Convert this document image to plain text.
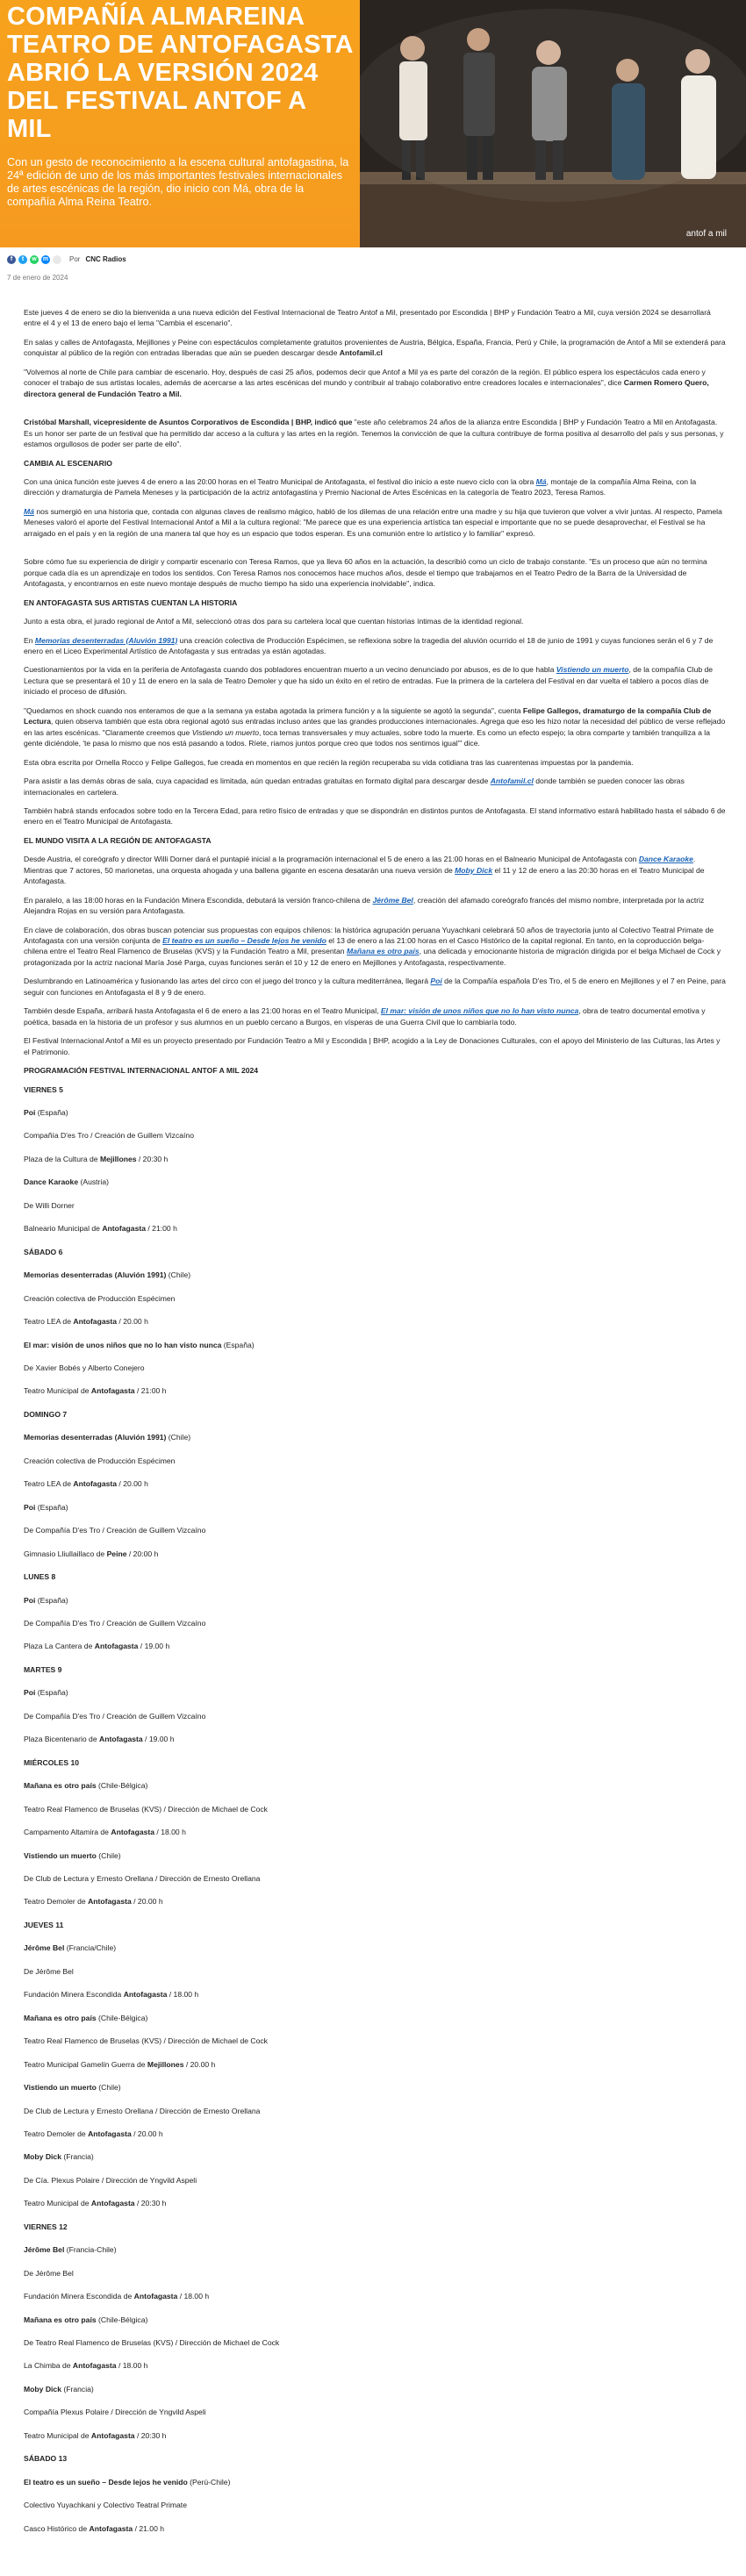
COMPAÑÍA ALMAREINA TEATRO DE ANTOFAGASTA ABRIÓ LA VERSIÓN 2024 DEL FESTIVAL ANTOF A MIL
Con un gesto de reconocimiento a la escena cultural antofagastina, la 24ª edición de uno de los más importantes festivales internacionales de artes escénicas de la región, dio inicio con Má, obra de la compañía Alma Reina Teatro.
antof a mil
f	t	w	m	Por CNC Radios
7 de enero de 2024

Este jueves 4 de enero se dio la bienvenida a una nueva edición del Festival Internacional de Teatro Antof a Mil, presentado por Escondida | BHP y Fundación Teatro a Mil, cuya versión 2024 se desarrollará entre el 4 y el 13 de enero bajo el lema "Cambia el escenario".

En salas y calles de Antofagasta, Mejillones y Peine con espectáculos completamente gratuitos provenientes de Austria, Bélgica, España, Francia, Perú y Chile, la programación de Antof a Mil se extenderá para conquistar al público de la región con entradas liberadas que aún se pueden descargar desde Antofamil.cl

"Volvemos al norte de Chile para cambiar de escenario. Hoy, después de casi 25 años, podemos decir que Antof a Mil ya es parte del corazón de la región. El público espera los espectáculos cada enero y conocer el trabajo de sus artistas locales, además de acercarse a las artes escénicas del mundo y contribuir al trabajo colaborativo entre creadores locales e internacionales", dice Carmen Romero Quero, directora general de Fundación Teatro a Mil.

Cristóbal Marshall, vicepresidente de Asuntos Corporativos de Escondida | BHP, indicó que "este año celebramos 24 años de la alianza entre Escondida | BHP y Fundación Teatro a Mil en Antofagasta. Es un honor ser parte de un festival que ha permitido dar acceso a la cultura y las artes en la región. Tenemos la convicción de que la cultura contribuye de forma positiva al desarrollo del país y sus personas, y estamos orgullosos de poder ser parte de ello".

CAMBIA AL ESCENARIO

Con una única función este jueves 4 de enero a las 20:00 horas en el Teatro Municipal de Antofagasta, el festival dio inicio a este nuevo ciclo con la obra Má, montaje de la compañía Alma Reina, con la dirección y dramaturgia de Pamela Meneses y la participación de la actriz antofagastina y Premio Nacional de Artes Escénicas en la categoría de Teatro 2023, Teresa Ramos.

Má nos sumergió en una historia que, contada con algunas claves de realismo mágico, habló de los dilemas de una relación entre una madre y su hija que tuvieron que volver a vivir juntas. Al respecto, Pamela Meneses valoró el aporte del Festival Internacional Antof a Mil a la cultura regional: "Me parece que es una experiencia artística tan especial e importante que no se puede desaprovechar, el Festival se ha arraigado en el país y en la región de una manera tal que hoy es un espacio que todos esperan. Es una comunión entre lo artístico y lo familiar" expresó.

Sobre cómo fue su experiencia de dirigir y compartir escenario con Teresa Ramos, que ya lleva 60 años en la actuación, la describió como un ciclo de trabajo constante. "Es un proceso que aún no termina porque cada día es un aprendizaje en todos los sentidos. Con Teresa Ramos nos conocemos hace muchos años, desde el tiempo que trabajamos en el Teatro Pedro de la Barra de la Universidad de Antofagasta, y encontrarnos en este nuevo montaje después de mucho tiempo ha sido una experiencia inolvidable", indica.

EN ANTOFAGASTA SUS ARTISTAS CUENTAN LA HISTORIA

Junto a esta obra, el jurado regional de Antof a Mil, seleccionó otras dos para su cartelera local que cuentan historias íntimas de la identidad regional.

En Memorias desenterradas (Aluvión 1991) una creación colectiva de Producción Espécimen, se reflexiona sobre la tragedia del aluvión ocurrido el 18 de junio de 1991 y cuyas funciones serán el 6 y 7 de enero en el Liceo Experimental Artístico de Antofagasta y sus entradas ya están agotadas.

Cuestionamientos por la vida en la periferia de Antofagasta cuando dos pobladores encuentran muerto a un vecino denunciado por abusos, es de lo que habla Vistiendo un muerto, de la compañía Club de Lectura que se presentará el 10 y 11 de enero en la sala de Teatro Demoler y que ha sido un éxito en el retiro de entradas. Fue la primera de la cartelera del Festival en dar vuelta el tablero a pocos días de iniciado el proceso de difusión.

"Quedamos en shock cuando nos enteramos de que a la semana ya estaba agotada la primera función y a la siguiente se agotó la segunda", cuenta Felipe Gallegos, dramaturgo de la compañía Club de Lectura, quien observa también que esta obra regional agotó sus entradas incluso antes que las grandes producciones internacionales. Agrega que eso les hizo notar la necesidad del público de verse reflejado en las artes escénicas. "Claramente creemos que Vistiendo un muerto, toca temas transversales y muy actuales, sobre todo la muerte. Es como un efecto espejo; la obra comparte y también tranquiliza a la gente diciéndole, 'te pasa lo mismo que nos está pasando a todos. Ríete, riamos juntos porque creo que todos nos sentimos igual'" dice.

Esta obra escrita por Ornella Rocco y Felipe Gallegos, fue creada en momentos en que recién la región recuperaba su vida cotidiana tras las cuarentenas impuestas por la pandemia.

Para asistir a las demás obras de sala, cuya capacidad es limitada, aún quedan entradas gratuitas en formato digital para descargar desde Antofamil.cl donde también se pueden conocer las obras internacionales en cartelera.

También habrá stands enfocados sobre todo en la Tercera Edad, para retiro físico de entradas y que se dispondrán en distintos puntos de Antofagasta. El stand informativo estará habilitado hasta el sábado 6 de enero en el Teatro Municipal de Antofagasta.

EL MUNDO VISITA A LA REGIÓN DE ANTOFAGASTA

Desde Austria, el coreógrafo y director Willi Dorner dará el puntapié inicial a la programación internacional el 5 de enero a las 21:00 horas en el Balneario Municipal de Antofagasta con Dance Karaoke. Mientras que 7 actores, 50 marionetas, una orquesta ahogada y una ballena gigante en escena desatarán una nueva versión de Moby Dick el 11 y 12 de enero a las 20:30 horas en el Teatro Municipal de Antofagasta.

En paralelo, a las 18:00 horas en la Fundación Minera Escondida, debutará la versión franco-chilena de Jérôme Bel, creación del afamado coreógrafo francés del mismo nombre, interpretada por la actriz Alejandra Rojas en su versión para Antofagasta.

En clave de colaboración, dos obras buscan potenciar sus propuestas con equipos chilenos: la histórica agrupación peruana Yuyachkani celebrará 50 años de trayectoria junto al Colectivo Teatral Primate de Antofagasta con una versión conjunta de El teatro es un sueño – Desde lejos he venido el 13 de enero a las 21:00 horas en el Casco Histórico de la capital regional. En tanto, en la coproducción belga-chilena entre el Teatro Real Flamenco de Bruselas (KVS) y la Fundación Teatro a Mil, presentan Mañana es otro país, una delicada y emocionante historia de migración dirigida por el belga Michael de Cock y protagonizada por la actriz nacional María José Parga, cuyas funciones serán el 10 y 12 de enero en Mejillones y Antofagasta, respectivamente.

Deslumbrando en Latinoamérica y fusionando las artes del circo con el juego del tronco y la cultura mediterránea, llegará Poi de la Compañía española D'es Tro, el 5 de enero en Mejillones y el 7 en Peine, para seguir con funciones en Antofagasta el 8 y 9 de enero.

También desde España, arribará hasta Antofagasta el 6 de enero a las 21:00 horas en el Teatro Municipal, El mar: visión de unos niños que no lo han visto nunca, obra de teatro documental emotiva y poética, basada en la historia de un profesor y sus alumnos en un pueblo cercano a Burgos, en vísperas de una Guerra Civil que lo cambiaría todo.

El Festival Internacional Antof a Mil es un proyecto presentado por Fundación Teatro a Mil y Escondida | BHP, acogido a la Ley de Donaciones Culturales, con el apoyo del Ministerio de las Culturas, las Artes y el Patrimonio.

PROGRAMACIÓN FESTIVAL INTERNACIONAL ANTOF A MIL 2024

VIERNES 5

Poi (España)

Compañía D'es Tro / Creación de Guillem Vizcaíno

Plaza de la Cultura de Mejillones / 20:30 h

Dance Karaoke (Austria)

De Willi Dorner

Balneario Municipal de Antofagasta / 21:00 h

SÁBADO 6

Memorias desenterradas (Aluvión 1991) (Chile)

Creación colectiva de Producción Espécimen

Teatro LEA de Antofagasta / 20.00 h

El mar: visión de unos niños que no lo han visto nunca (España)

De Xavier Bobés y Alberto Conejero

Teatro Municipal de Antofagasta / 21:00 h

DOMINGO 7

Memorias desenterradas (Aluvión 1991) (Chile)

Creación colectiva de Producción Espécimen

Teatro LEA de Antofagasta / 20.00 h

Poi (España)

De Compañía D'es Tro / Creación de Guillem Vizcaíno

Gimnasio Lliullaillaco de Peine / 20:00 h

LUNES 8

Poi (España)

De Compañía D'es Tro / Creación de Guillem Vizcaíno

Plaza La Cantera de Antofagasta / 19.00 h

MARTES 9

Poi (España)

De Compañía D'es Tro / Creación de Guillem Vizcaíno

Plaza Bicentenario de Antofagasta / 19.00 h

MIÉRCOLES 10

Mañana es otro país (Chile-Bélgica)

Teatro Real Flamenco de Bruselas (KVS) / Dirección de Michael de Cock

Campamento Altamira de Antofagasta / 18.00 h

Vistiendo un muerto (Chile)

De Club de Lectura y Ernesto Orellana / Dirección de Ernesto Orellana

Teatro Demoler de Antofagasta / 20.00 h

JUEVES 11

Jérôme Bel (Francia/Chile)

De Jérôme Bel

Fundación Minera Escondida Antofagasta / 18.00 h

Mañana es otro país (Chile-Bélgica)

Teatro Real Flamenco de Bruselas (KVS) / Dirección de Michael de Cock

Teatro Municipal Gamelín Guerra de Mejillones / 20.00 h

Vistiendo un muerto (Chile)

De Club de Lectura y Ernesto Orellana / Dirección de Ernesto Orellana

Teatro Demoler de Antofagasta / 20.00 h

Moby Dick (Francia)

De Cía. Plexus Polaire / Dirección de Yngvild Aspeli

Teatro Municipal de Antofagasta / 20:30 h

VIERNES 12

Jérôme Bel (Francia-Chile)

De Jérôme Bel

Fundación Minera Escondida de Antofagasta / 18.00 h

Mañana es otro país (Chile-Bélgica)

De Teatro Real Flamenco de Bruselas (KVS) / Dirección de Michael de Cock

La Chimba de Antofagasta / 18.00 h

Moby Dick (Francia)

Compañía Plexus Polaire / Dirección de Yngvild Aspeli

Teatro Municipal de Antofagasta / 20:30 h

SÁBADO 13

El teatro es un sueño – Desde lejos he venido (Perú-Chile)

Colectivo Yuyachkani y Colectivo Teatral Primate

Casco Histórico de Antofagasta / 21.00 h
